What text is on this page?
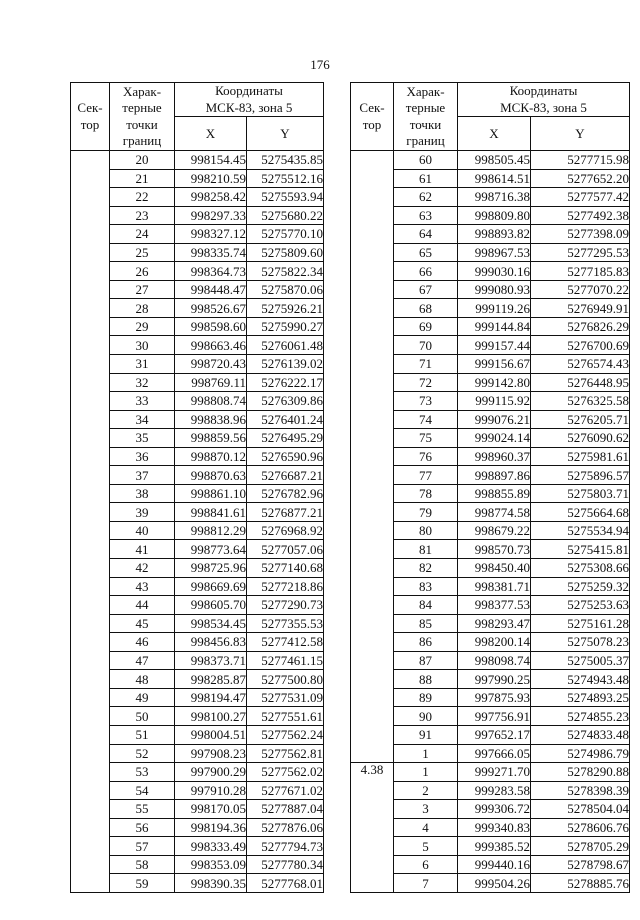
176
Сек-
тор	Харак-
терные
точки
границ	Координаты
МСК-83, зона 5	
		X	Y
	20	998154.45	5275435.85
	21	998210.59	5275512.16
	22	998258.42	5275593.94
	23	998297.33	5275680.22
	24	998327.12	5275770.10
	25	998335.74	5275809.60
	26	998364.73	5275822.34
	27	998448.47	5275870.06
	28	998526.67	5275926.21
	29	998598.60	5275990.27
	30	998663.46	5276061.48
	31	998720.43	5276139.02
	32	998769.11	5276222.17
	33	998808.74	5276309.86
	34	998838.96	5276401.24
	35	998859.56	5276495.29
	36	998870.12	5276590.96
	37	998870.63	5276687.21
	38	998861.10	5276782.96
	39	998841.61	5276877.21
	40	998812.29	5276968.92
	41	998773.64	5277057.06
	42	998725.96	5277140.68
	43	998669.69	5277218.86
	44	998605.70	5277290.73
	45	998534.45	5277355.53
	46	998456.83	5277412.58
	47	998373.71	5277461.15
	48	998285.87	5277500.80
	49	998194.47	5277531.09
	50	998100.27	5277551.61
	51	998004.51	5277562.24
	52	997908.23	5277562.81
	53	997900.29	5277562.02
	54	997910.28	5277671.02
	55	998170.05	5277887.04
	56	998194.36	5277876.06
	57	998333.49	5277794.73
	58	998353.09	5277780.34
	59	998390.35	5277768.01
Сек-
тор	Харак-
терные
точки
границ	Координаты
МСК-83, зона 5	
		X	Y
	60	998505.45	5277715.98
	61	998614.51	5277652.20
	62	998716.38	5277577.42
	63	998809.80	5277492.38
	64	998893.82	5277398.09
	65	998967.53	5277295.53
	66	999030.16	5277185.83
	67	999080.93	5277070.22
	68	999119.26	5276949.91
	69	999144.84	5276826.29
	70	999157.44	5276700.69
	71	999156.67	5276574.43
	72	999142.80	5276448.95
	73	999115.92	5276325.58
	74	999076.21	5276205.71
	75	999024.14	5276090.62
	76	998960.37	5275981.61
	77	998897.86	5275896.57
	78	998855.89	5275803.71
	79	998774.58	5275664.68
	80	998679.22	5275534.94
	81	998570.73	5275415.81
	82	998450.40	5275308.66
	83	998381.71	5275259.32
	84	998377.53	5275253.63
	85	998293.47	5275161.28
	86	998200.14	5275078.23
	87	998098.74	5275005.37
	88	997990.25	5274943.48
	89	997875.93	5274893.25
	90	997756.91	5274855.23
	91	997652.17	5274833.48
	1	997666.05	5274986.79
4.38	1	999271.70	5278290.88
	2	999283.58	5278398.39
	3	999306.72	5278504.04
	4	999340.83	5278606.76
	5	999385.52	5278705.29
	6	999440.16	5278798.67
	7	999504.26	5278885.76
